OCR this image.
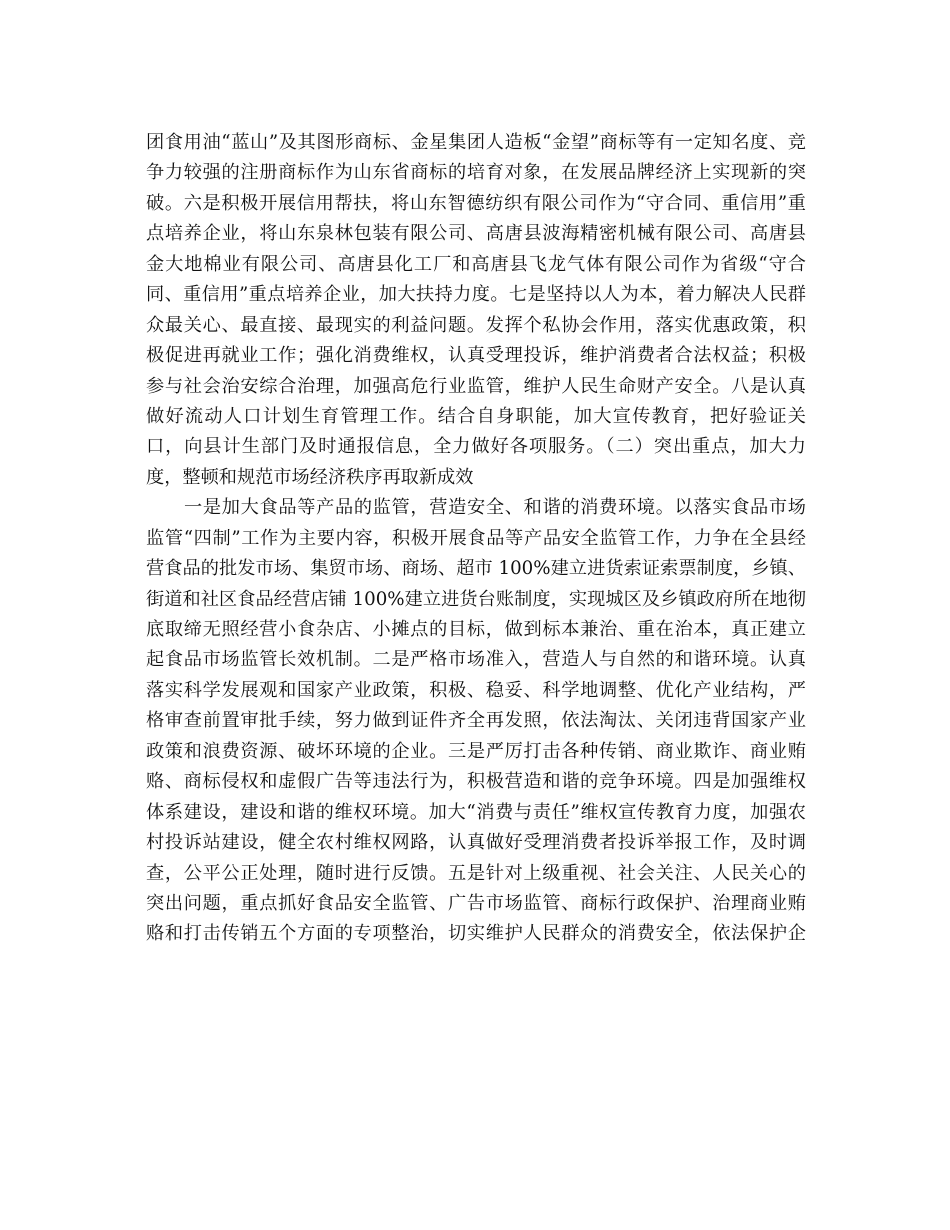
团食用油“蓝山”及其图形商标、金星集团人造板“金望”商标等有一定知名度、竞
争力较强的注册商标作为山东省商标的培育对象，在发展品牌经济上实现新的突
破。六是积极开展信用帮扶，将山东智德纺织有限公司作为“守合同、重信用”重
点培养企业，将山东泉林包装有限公司、高唐县波海精密机械有限公司、高唐县
金大地棉业有限公司、高唐县化工厂和高唐县飞龙气体有限公司作为省级“守合
同、重信用”重点培养企业，加大扶持力度。七是坚持以人为本，着力解决人民群
众最关心、最直接、最现实的利益问题。发挥个私协会作用，落实优惠政策，积
极促进再就业工作；强化消费维权，认真受理投诉，维护消费者合法权益；积极
参与社会治安综合治理，加强高危行业监管，维护人民生命财产安全。八是认真
做好流动人口计划生育管理工作。结合自身职能，加大宣传教育，把好验证关
口，向县计生部门及时通报信息，全力做好各项服务。（二）突出重点，加大力
度，整顿和规范市场经济秩序再取新成效
一是加大食品等产品的监管，营造安全、和谐的消费环境。以落实食品市场
监管“四制”工作为主要内容，积极开展食品等产品安全监管工作，力争在全县经
营食品的批发市场、集贸市场、商场、超市 100%建立进货索证索票制度，乡镇、
街道和社区食品经营店铺 100%建立进货台账制度，实现城区及乡镇政府所在地彻
底取缔无照经营小食杂店、小摊点的目标，做到标本兼治、重在治本，真正建立
起食品市场监管长效机制。二是严格市场准入，营造人与自然的和谐环境。认真
落实科学发展观和国家产业政策，积极、稳妥、科学地调整、优化产业结构，严
格审查前置审批手续，努力做到证件齐全再发照，依法淘汰、关闭违背国家产业
政策和浪费资源、破坏环境的企业。三是严厉打击各种传销、商业欺诈、商业贿
赂、商标侵权和虚假广告等违法行为，积极营造和谐的竞争环境。四是加强维权
体系建设，建设和谐的维权环境。加大“消费与责任”维权宣传教育力度，加强农
村投诉站建设，健全农村维权网路，认真做好受理消费者投诉举报工作，及时调
查，公平公正处理，随时进行反馈。五是针对上级重视、社会关注、人民关心的
突出问题，重点抓好食品安全监管、广告市场监管、商标行政保护、治理商业贿
赂和打击传销五个方面的专项整治，切实维护人民群众的消费安全，依法保护企
